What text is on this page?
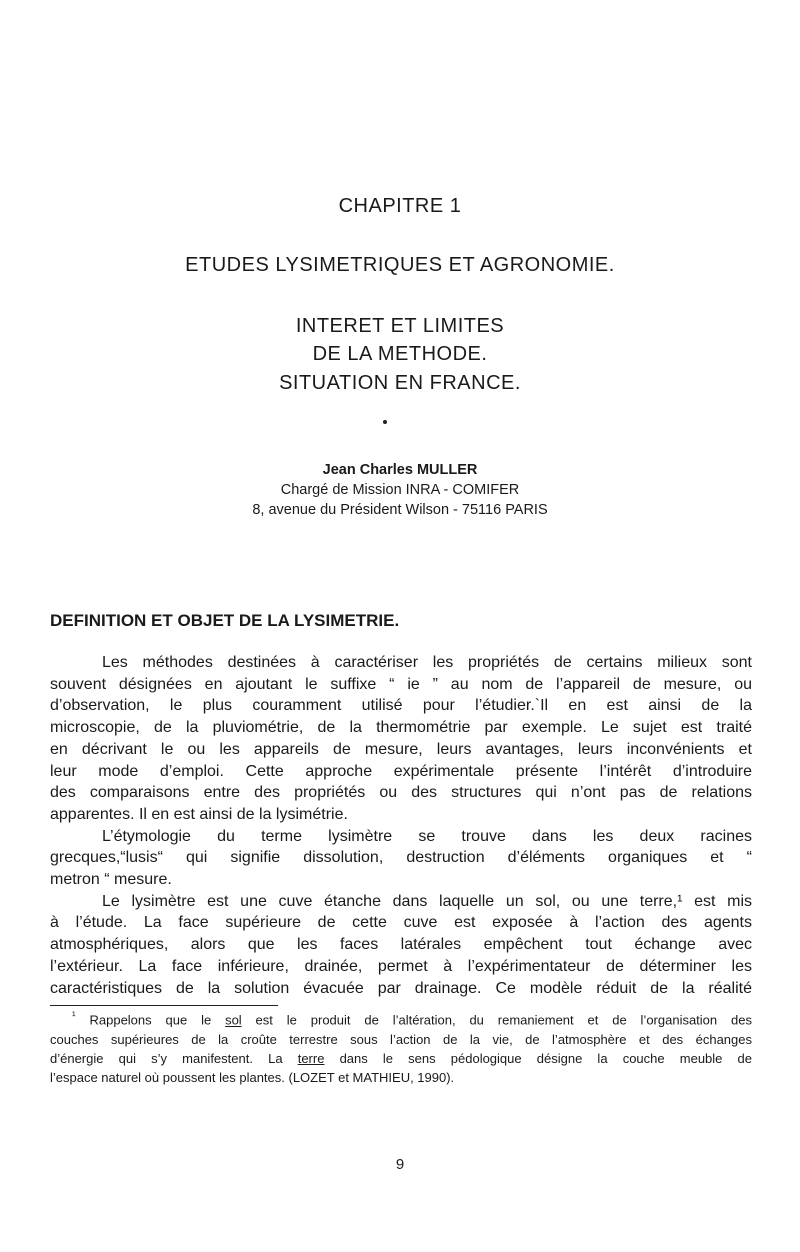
CHAPITRE 1
ETUDES LYSIMETRIQUES ET AGRONOMIE.
INTERET ET LIMITES
DE LA METHODE.
SITUATION EN FRANCE.
Jean Charles MULLER
Chargé de Mission INRA - COMIFER
8, avenue du Président Wilson - 75116 PARIS
DEFINITION ET OBJET DE LA LYSIMETRIE.
Les méthodes destinées à caractériser les propriétés de certains milieux sont
souvent désignées en ajoutant le suffixe “ ie ” au nom de l’appareil de mesure, ou
d’observation, le plus couramment utilisé pour l’étudier.`Il en est ainsi de la
microscopie, de la pluviométrie, de la thermométrie par exemple. Le sujet est traité
en décrivant le ou les appareils de mesure, leurs avantages, leurs inconvénients et
leur mode d’emploi. Cette approche expérimentale présente l’intérêt d’introduire
des comparaisons entre des propriétés ou des structures qui n’ont pas de relations
apparentes. Il en est ainsi de la lysimétrie.
L’étymologie du terme lysimètre se trouve dans les deux racines
grecques,“lusis“ qui signifie dissolution, destruction d’éléments organiques et “
metron “ mesure.
Le lysimètre est une cuve étanche dans laquelle un sol, ou une terre,¹ est mis
à l’étude. La face supérieure de cette cuve est exposée à l’action des agents
atmosphériques, alors que les faces latérales empêchent tout échange avec
l’extérieur. La face inférieure, drainée, permet à l’expérimentateur de déterminer les
caractéristiques de la solution évacuée par drainage. Ce modèle réduit de la réalité
$^{^1}$ Rappelons que le sol est le produit de l’altération, du remaniement et de l’organisation des
couches supérieures de la croûte terrestre sous l’action de la vie, de l’atmosphère et des échanges
d’énergie qui s’y manifestent. La terre dans le sens pédologique désigne la couche meuble de
l’espace naturel où poussent les plantes. (LOZET et MATHIEU, 1990).
9
